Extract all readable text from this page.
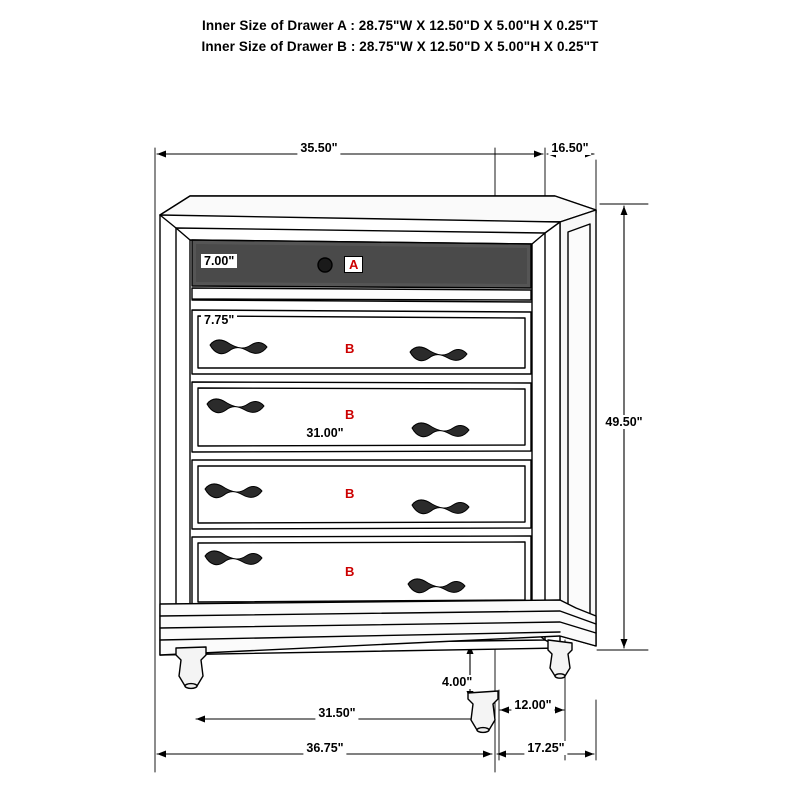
Inner Size of Drawer A : 28.75"W X 12.50"D X 5.00"H X 0.25"T
Inner Size of Drawer B : 28.75"W X 12.50"D X 5.00"H X 0.25"T
35.50"	16.50"
49.50"
7.00"
7.75"
31.00"
31.50"
12.00"
4.00"
36.75"	17.25"
A
B
B
B
B
